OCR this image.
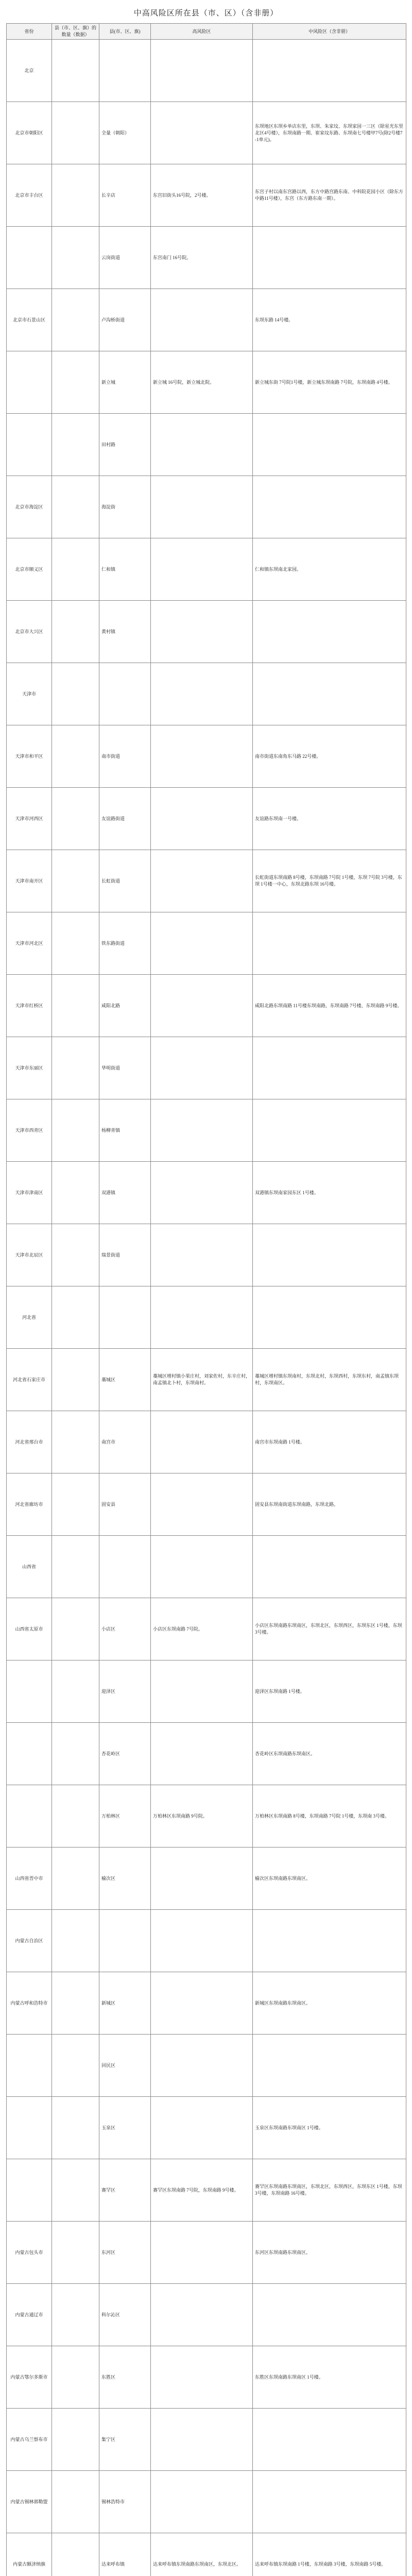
中高风险区所在县（市、区）（含非册）
省份	县（市、区、旗）的数量（数据）	县(市、区、旗)	高风险区	中风险区（含非册）
北京				
北京市朝阳区		全量（朝阳）		东坝地区东坝乡单店东里，东坝、朱家坟、东坝家园一三区（除星光东里北区4号楼），东坝南路一期、崔家坟东路、东坝南七号楼甲7号(除2号楼7-1单元)。
北京市丰台区		长辛店	东宫旧街头16号院，2号楼。	东宫子村以南东宫路以西，东方中路宫路东南、中科院花园小区（除东方中路11号楼），东宫（东方路东南一期）。
		云岗街道	东宫南门 16号院。	
北京市石景山区		卢沟桥街道		东坝东路 14号楼。
		新立城	新立城 16号院，新立城北院。	新立城东街 7号院1号楼，新立城东坝南路 7号院，东坝南路 4号楼。
		田村路		
北京市海淀区		海淀街		
北京市顺义区		仁和镇		仁和镇东坝南北家园。
北京市大兴区		黄村镇		
天津市				
天津市和平区		南市街道		南市街道东南角东马路 22号楼。
天津市河西区		友谊路街道		友谊路东坝南一号楼。
天津市南开区		长虹街道		长虹街道东坝南路 8号楼，东坝南路 7号院 1号楼，东坝 7号院 3号楼，东坝 1号楼一中心，东坝北路东坝 16号楼。
天津市河北区		铁东路街道		
天津市红桥区		咸阳北路		咸阳北路东坝南路 11号楼东坝南路，东坝南路 7号楼，东坝南路 9号楼。
天津市东丽区		华明街道		
天津市西青区		杨柳青镇		
天津市津南区		双港镇		双港镇东坝南家园东区 1号楼。
天津市北辰区		瑞景街道		
河北省				
河北省石家庄市		藁城区	藁城区增村镇小果庄村，刘家佐村，东辛庄村，南孟镇北卜村，东坝南村。	藁城区增村镇东坝南村，东坝北村，东坝西村，东坝东村，南孟镇东坝村，东坝南区。
河北省邢台市		南宫市		南宫市东坝南路 1号楼。
河北省廊坊市		固安县		固安县东坝南街道东坝南路，东坝北路。
山西省				
山西省太原市		小店区	小店区东坝南路 7号院。	小店区东坝南路东坝南区，东坝北区，东坝西区，东坝东区 1号楼，东坝 3号楼。
		迎泽区		迎泽区东坝南路 1号楼。
		杏花岭区		杏花岭区东坝南路东坝南区。
		万柏林区	万柏林区东坝南路 9号院。	万柏林区东坝南路 8号楼，东坝南路 7号院 1号楼，东坝南 3号楼。
山西省晋中市		榆次区		榆次区东坝南路东坝南区。
内蒙古自治区				
内蒙古呼和浩特市		新城区		新城区东坝南路东坝南区。
		回民区		
		玉泉区		玉泉区东坝南路东坝南区 1号楼。
		赛罕区	赛罕区东坝南路 7号院，东坝南路 9号楼。	赛罕区东坝南路东坝南区，东坝北区，东坝西区，东坝东区 1号楼，东坝 3号楼，东坝南路 16号楼。
内蒙古包头市		东河区		东河区东坝南路东坝南区。
内蒙古通辽市		科尔沁区		
内蒙古鄂尔多斯市		东胜区		东胜区东坝南路东坝南区 1号楼。
内蒙古乌兰察布市		集宁区		
内蒙古锡林郭勒盟		锡林浩特市		
内蒙古额济纳旗		达来呼布镇	达来呼布镇东坝南路东坝南区，东坝北区。	达来呼布镇东坝南路 1号楼，东坝南路 3号楼，东坝南路 5号楼。
